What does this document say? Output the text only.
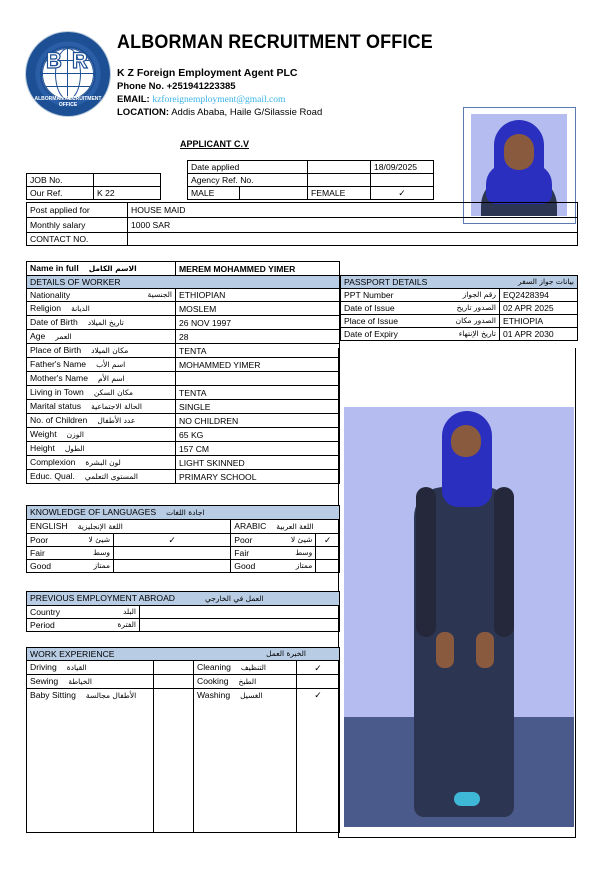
B R
ALBORMAN RECRUITMENT OFFICE
ALBORMAN RECRUITMENT OFFICE
K Z Foreign Employment Agent PLC
Phone No. +251941223385
EMAIL: kzforeignemployment@gmail.com
LOCATION: Addis Ababa, Haile G/Silassie Road
APPLICANT C.V
JOB No.	
Our Ref.	K 22
Date applied			18/09/2025
Agency Ref. No.			
MALE		FEMALE	✓
Post applied for	HOUSE MAID
Monthly salary	1000 SAR
CONTACT NO.	
Name in full الاسم الكامل	MEREM MOHAMMED YIMER
DETAILS OF WORKER	
Nationality الجنسية	ETHIOPIAN
Religion الديانة	MOSLEM
Date of Birth تاريخ الميلاد	26 NOV 1997
Age العمر	28
Place of Birth مكان الميلاد	TENTA
Father's Name اسم الأب	MOHAMMED YIMER
Mother's Name اسم الأم	
Living in Town مكان السكن	TENTA
Marital status الحالة الاجتماعية	SINGLE
No. of Children عدد الأطفال	NO CHILDREN
Weight الوزن	65 KG
Height الطول	157 CM
Complexion لون البشرة	LIGHT SKINNED
Educ. Qual. المستوى التعلمي	PRIMARY SCHOOL
PASSPORT DETAILS بيانات جواز السفر	

PPT Number رقم الجواز	EQ2428394
Date of Issue الصدور تاريخ	02 APR 2025
Place of Issue الصدور مكان	ETHIOPIA
Date of Expiry تاريخ الإنتهاء	01 APR 2030
KNOWLEDGE OF LANGUAGES اجادة اللغات			
ENGLISH اللغة الإنجليزية		ARABIC اللغة العربية	
Poor شيئ لا	✓	Poor شيئ لا	✓
Fair وسط		Fair وسط	

Good ممتاز		Good ممتاز	

PREVIOUS EMPLOYMENT ABROAD العمل في الخارجي	
Country البلد	

Period الفترة	

WORK EXPERIENCE الخبرة العمل			

Driving القيادة		Cleaning التنظيف	✓
Sewing الخياطة		Cooking الطبخ	
Baby Sitting الأطفال مجالسة		Washing الغسيل	✓
